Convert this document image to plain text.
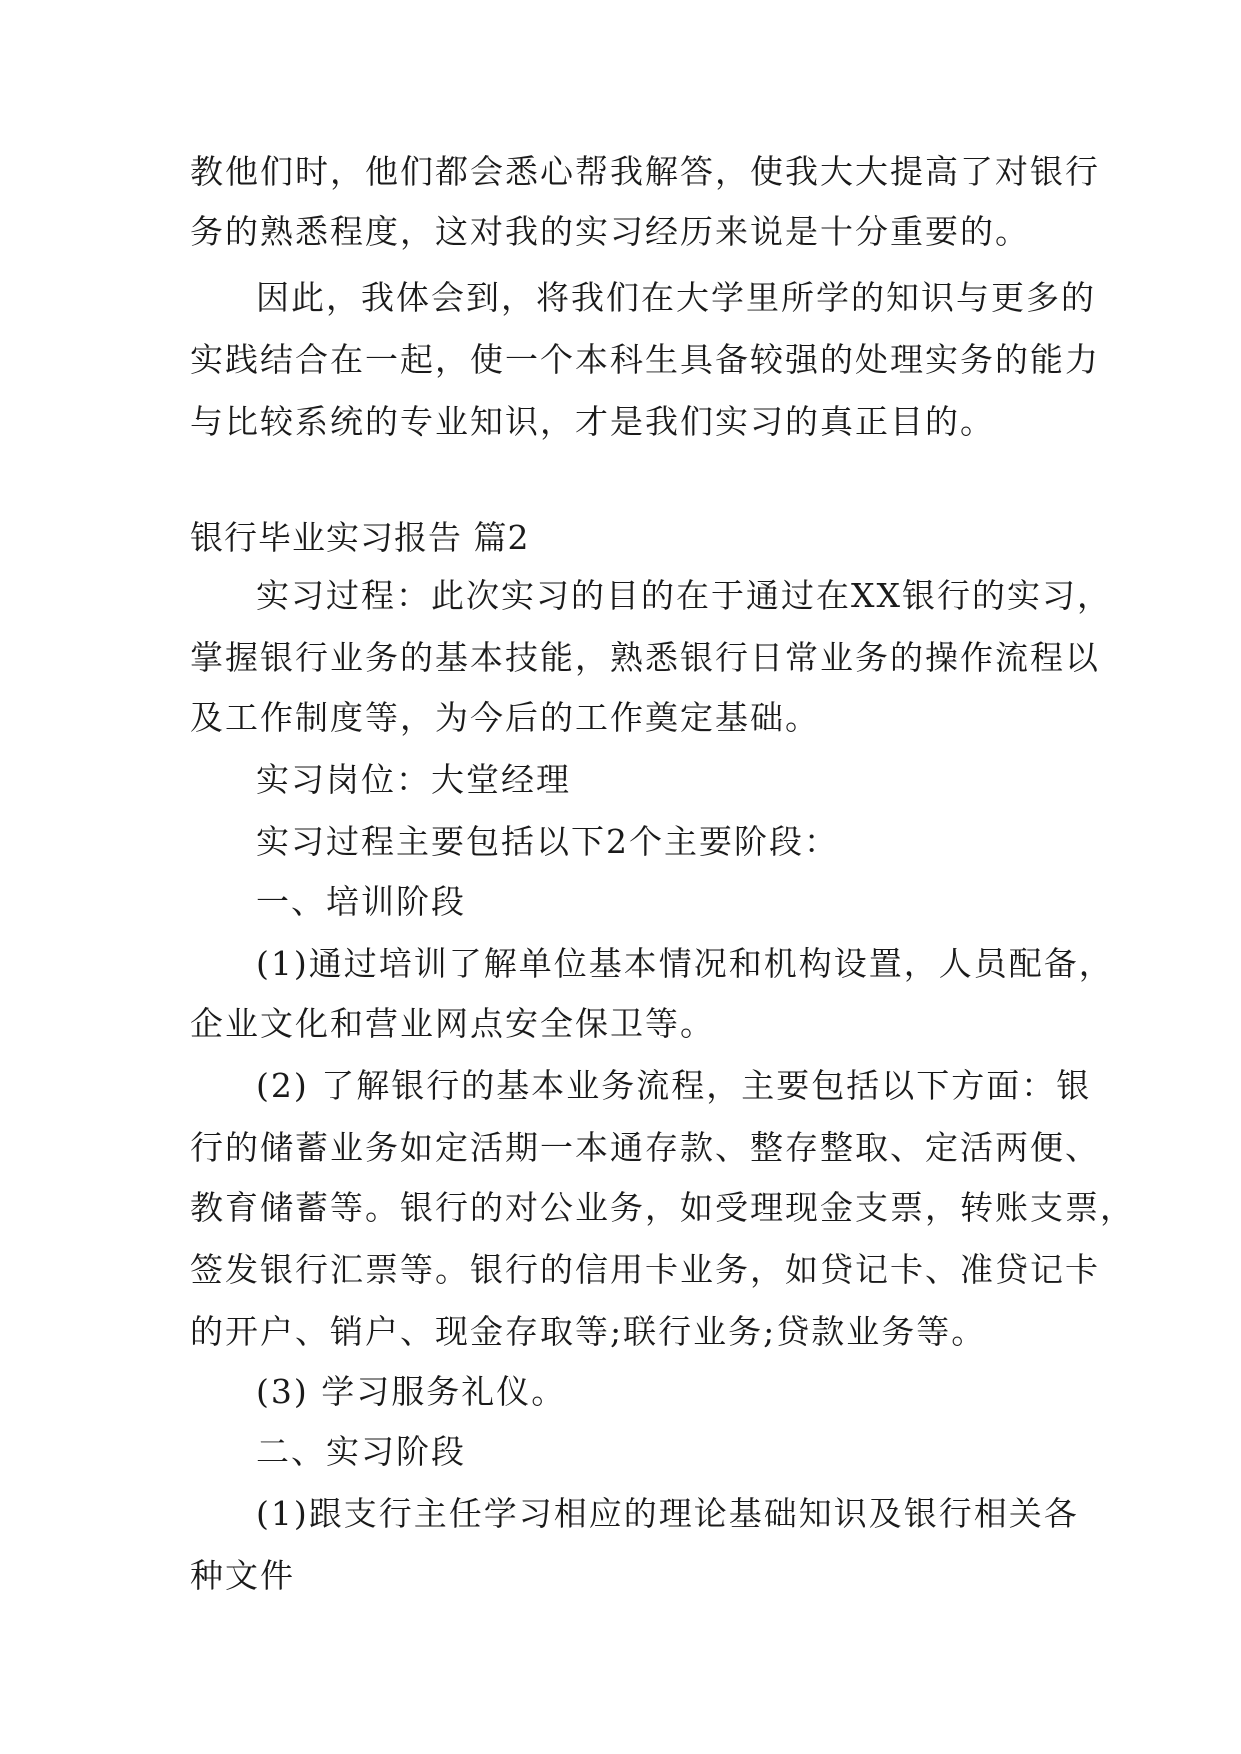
教他们时，他们都会悉心帮我解答，使我大大提高了对银行
务的熟悉程度，这对我的实习经历来说是十分重要的。
因此，我体会到，将我们在大学里所学的知识与更多的
实践结合在一起，使一个本科生具备较强的处理实务的能力
与比较系统的专业知识，才是我们实习的真正目的。
银行毕业实习报告 篇2
实习过程：此次实习的目的在于通过在XX银行的实习，
掌握银行业务的基本技能，熟悉银行日常业务的操作流程以
及工作制度等，为今后的工作奠定基础。
实习岗位：大堂经理
实习过程主要包括以下2个主要阶段：
一、培训阶段
(1)通过培训了解单位基本情况和机构设置，人员配备，
企业文化和营业网点安全保卫等。
(2) 了解银行的基本业务流程，主要包括以下方面：银
行的储蓄业务如定活期一本通存款、整存整取、定活两便、
教育储蓄等。银行的对公业务，如受理现金支票，转账支票，
签发银行汇票等。银行的信用卡业务，如贷记卡、准贷记卡
的开户、销户、现金存取等;联行业务;贷款业务等。
(3) 学习服务礼仪。
二、实习阶段
(1)跟支行主任学习相应的理论基础知识及银行相关各
种文件
